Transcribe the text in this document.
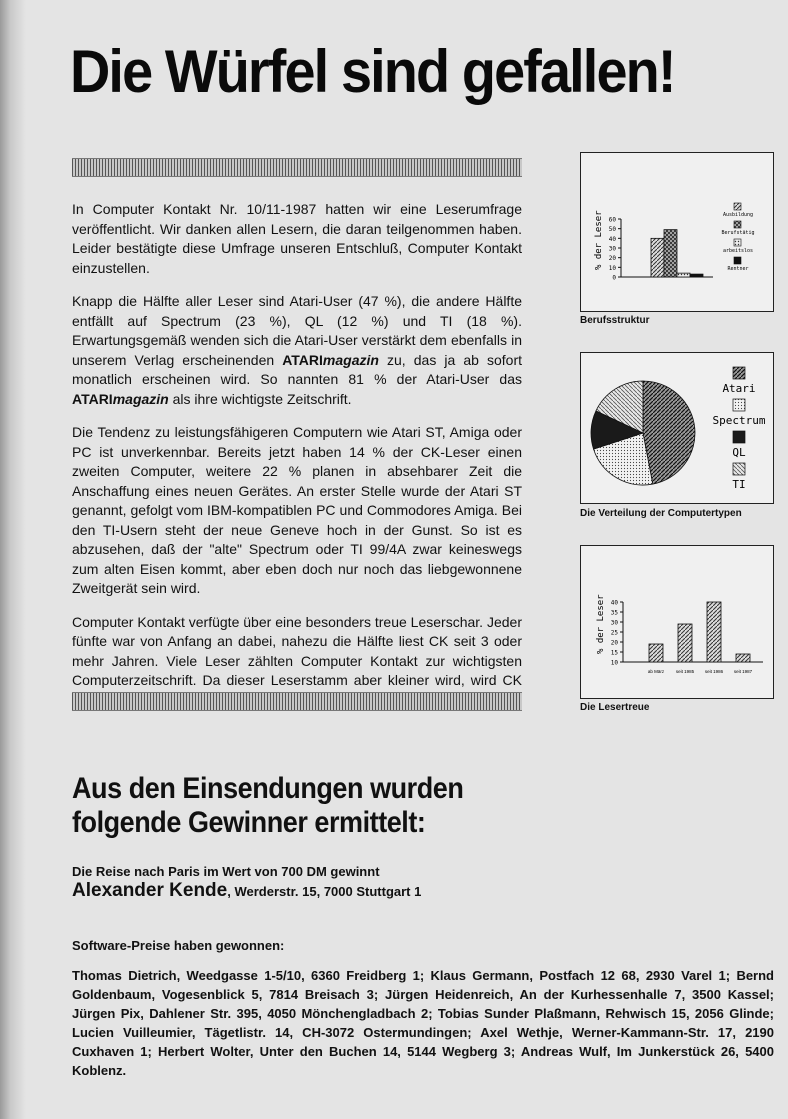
Die Würfel sind gefallen!

In Computer Kontakt Nr. 10/11-1987 hatten wir eine Leserumfrage veröffentlicht. Wir danken allen Lesern, die daran teilgenommen haben. Leider bestätigte diese Umfrage unseren Entschluß, Computer Kontakt einzustellen.

Knapp die Hälfte aller Leser sind Atari-User (47 %), die andere Hälfte entfällt auf Spectrum (23 %), QL (12 %) und TI (18 %). Erwartungsgemäß wenden sich die Atari-User verstärkt dem ebenfalls in unserem Verlag erscheinenden ATARImagazin zu, das ja ab sofort monatlich erscheinen wird. So nannten 81 % der Atari-User das ATARImagazin als ihre wichtigste Zeitschrift.

Die Tendenz zu leistungsfähigeren Computern wie Atari ST, Amiga oder PC ist unverkennbar. Bereits jetzt haben 14 % der CK-Leser einen zweiten Computer, weitere 22 % planen in absehbarer Zeit die Anschaffung eines neuen Gerätes. An erster Stelle wurde der Atari ST genannt, gefolgt vom IBM-kompatiblen PC und Commodores Amiga. Bei den TI-Usern steht der neue Geneve hoch in der Gunst. So ist es abzusehen, daß der "alte" Spectrum oder TI 99/4A zwar keineswegs zum alten Eisen kommt, aber eben doch nur noch das liebgewonnene Zweitgerät sein wird.

Computer Kontakt verfügte über eine besonders treue Leserschar. Jeder fünfte war von Anfang an dabei, nahezu die Hälfte liest CK seit 3 oder mehr Jahren. Viele Leser zählten Computer Kontakt zur wichtigsten Computerzeitschrift. Da dieser Leserstamm aber kleiner wird, wird CK

0
10
20
30
40
50
60
% der Leser	Ausbildung
Berufstätig
arbeitslos
Rentner
Berufsstruktur
Atari
Spectrum
QL
TI
Die Verteilung der Computertypen
10
15
20
25
30
35
40
% der Leser
ab März	seit 1985 seit 1986 seit 1987
Die Lesertreue
Aus den Einsendungen wurden
folgende Gewinner ermittelt:
Die Reise nach Paris im Wert von 700 DM gewinnt
Alexander Kende, Werderstr. 15, 7000 Stuttgart 1
Software-Preise haben gewonnen:
Thomas Dietrich, Weedgasse 1-5/10, 6360 Freidberg 1; Klaus Germann, Postfach 12 68, 2930 Varel 1; Bernd Goldenbaum, Vogesenblick 5, 7814 Breisach 3; Jürgen Heidenreich, An der Kurhessenhalle 7, 3500 Kassel; Jürgen Pix, Dahlener Str. 395, 4050 Mönchengladbach 2; Tobias Sunder Plaßmann, Rehwisch 15, 2056 Glinde; Lucien Vuilleumier, Tägetlistr. 14, CH-3072 Ostermundingen; Axel Wethje, Werner-Kammann-Str. 17, 2190 Cuxhaven 1; Herbert Wolter, Unter den Buchen 14, 5144 Wegberg 3; Andreas Wulf, Im Junkerstück 26, 5400 Koblenz.
